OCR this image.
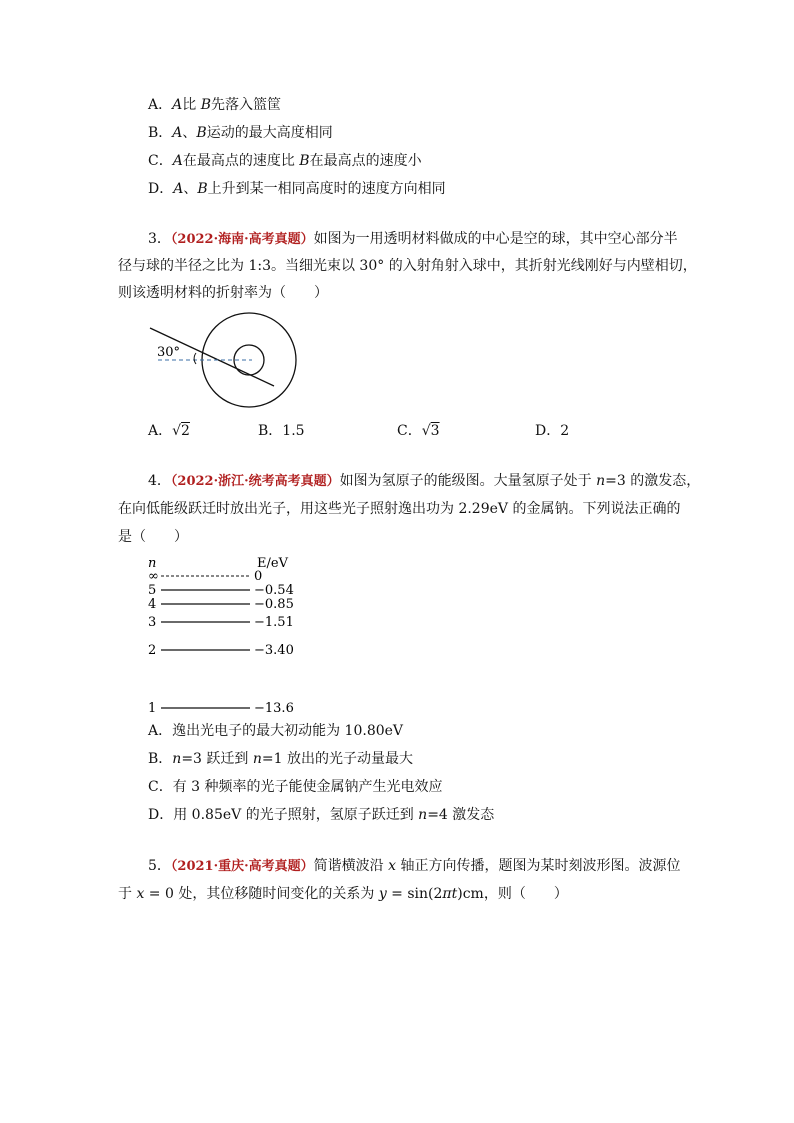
A．A比 B先落入篮筐
B．A、B运动的最大高度相同
C．A在最高点的速度比 B在最高点的速度小
D．A、B上升到某一相同高度时的速度方向相同
3．（2022·海南·高考真题）如图为一用透明材料做成的中心是空的球，其中空心部分半
径与球的半径之比为 1:3。当细光束以 30° 的入射角射入球中，其折射光线刚好与内壁相切，
则该透明材料的折射率为（　　）
30°
A．√2	B．1.5	C．√3	D．2
4．（2022·浙江·统考高考真题）如图为氢原子的能级图。大量氢原子处于 n=3 的激发态，
在向低能级跃迁时放出光子，用这些光子照射逸出功为 2.29eV 的金属钠。下列说法正确的
是（　　）
n	E/eV
∞	0
5	−0.54
4	−0.85
3	−1.51
2	−3.40
1	−13.6
A．逸出光电子的最大初动能为 10.80eV
B．n=3 跃迁到 n=1 放出的光子动量最大
C．有 3 种频率的光子能使金属钠产生光电效应
D．用 0.85eV 的光子照射，氢原子跃迁到 n=4 激发态
5．（2021·重庆·高考真题）简谐横波沿 x 轴正方向传播，题图为某时刻波形图。波源位
于 x = 0 处，其位移随时间变化的关系为 y = sin(2πt)cm，则（　　）
